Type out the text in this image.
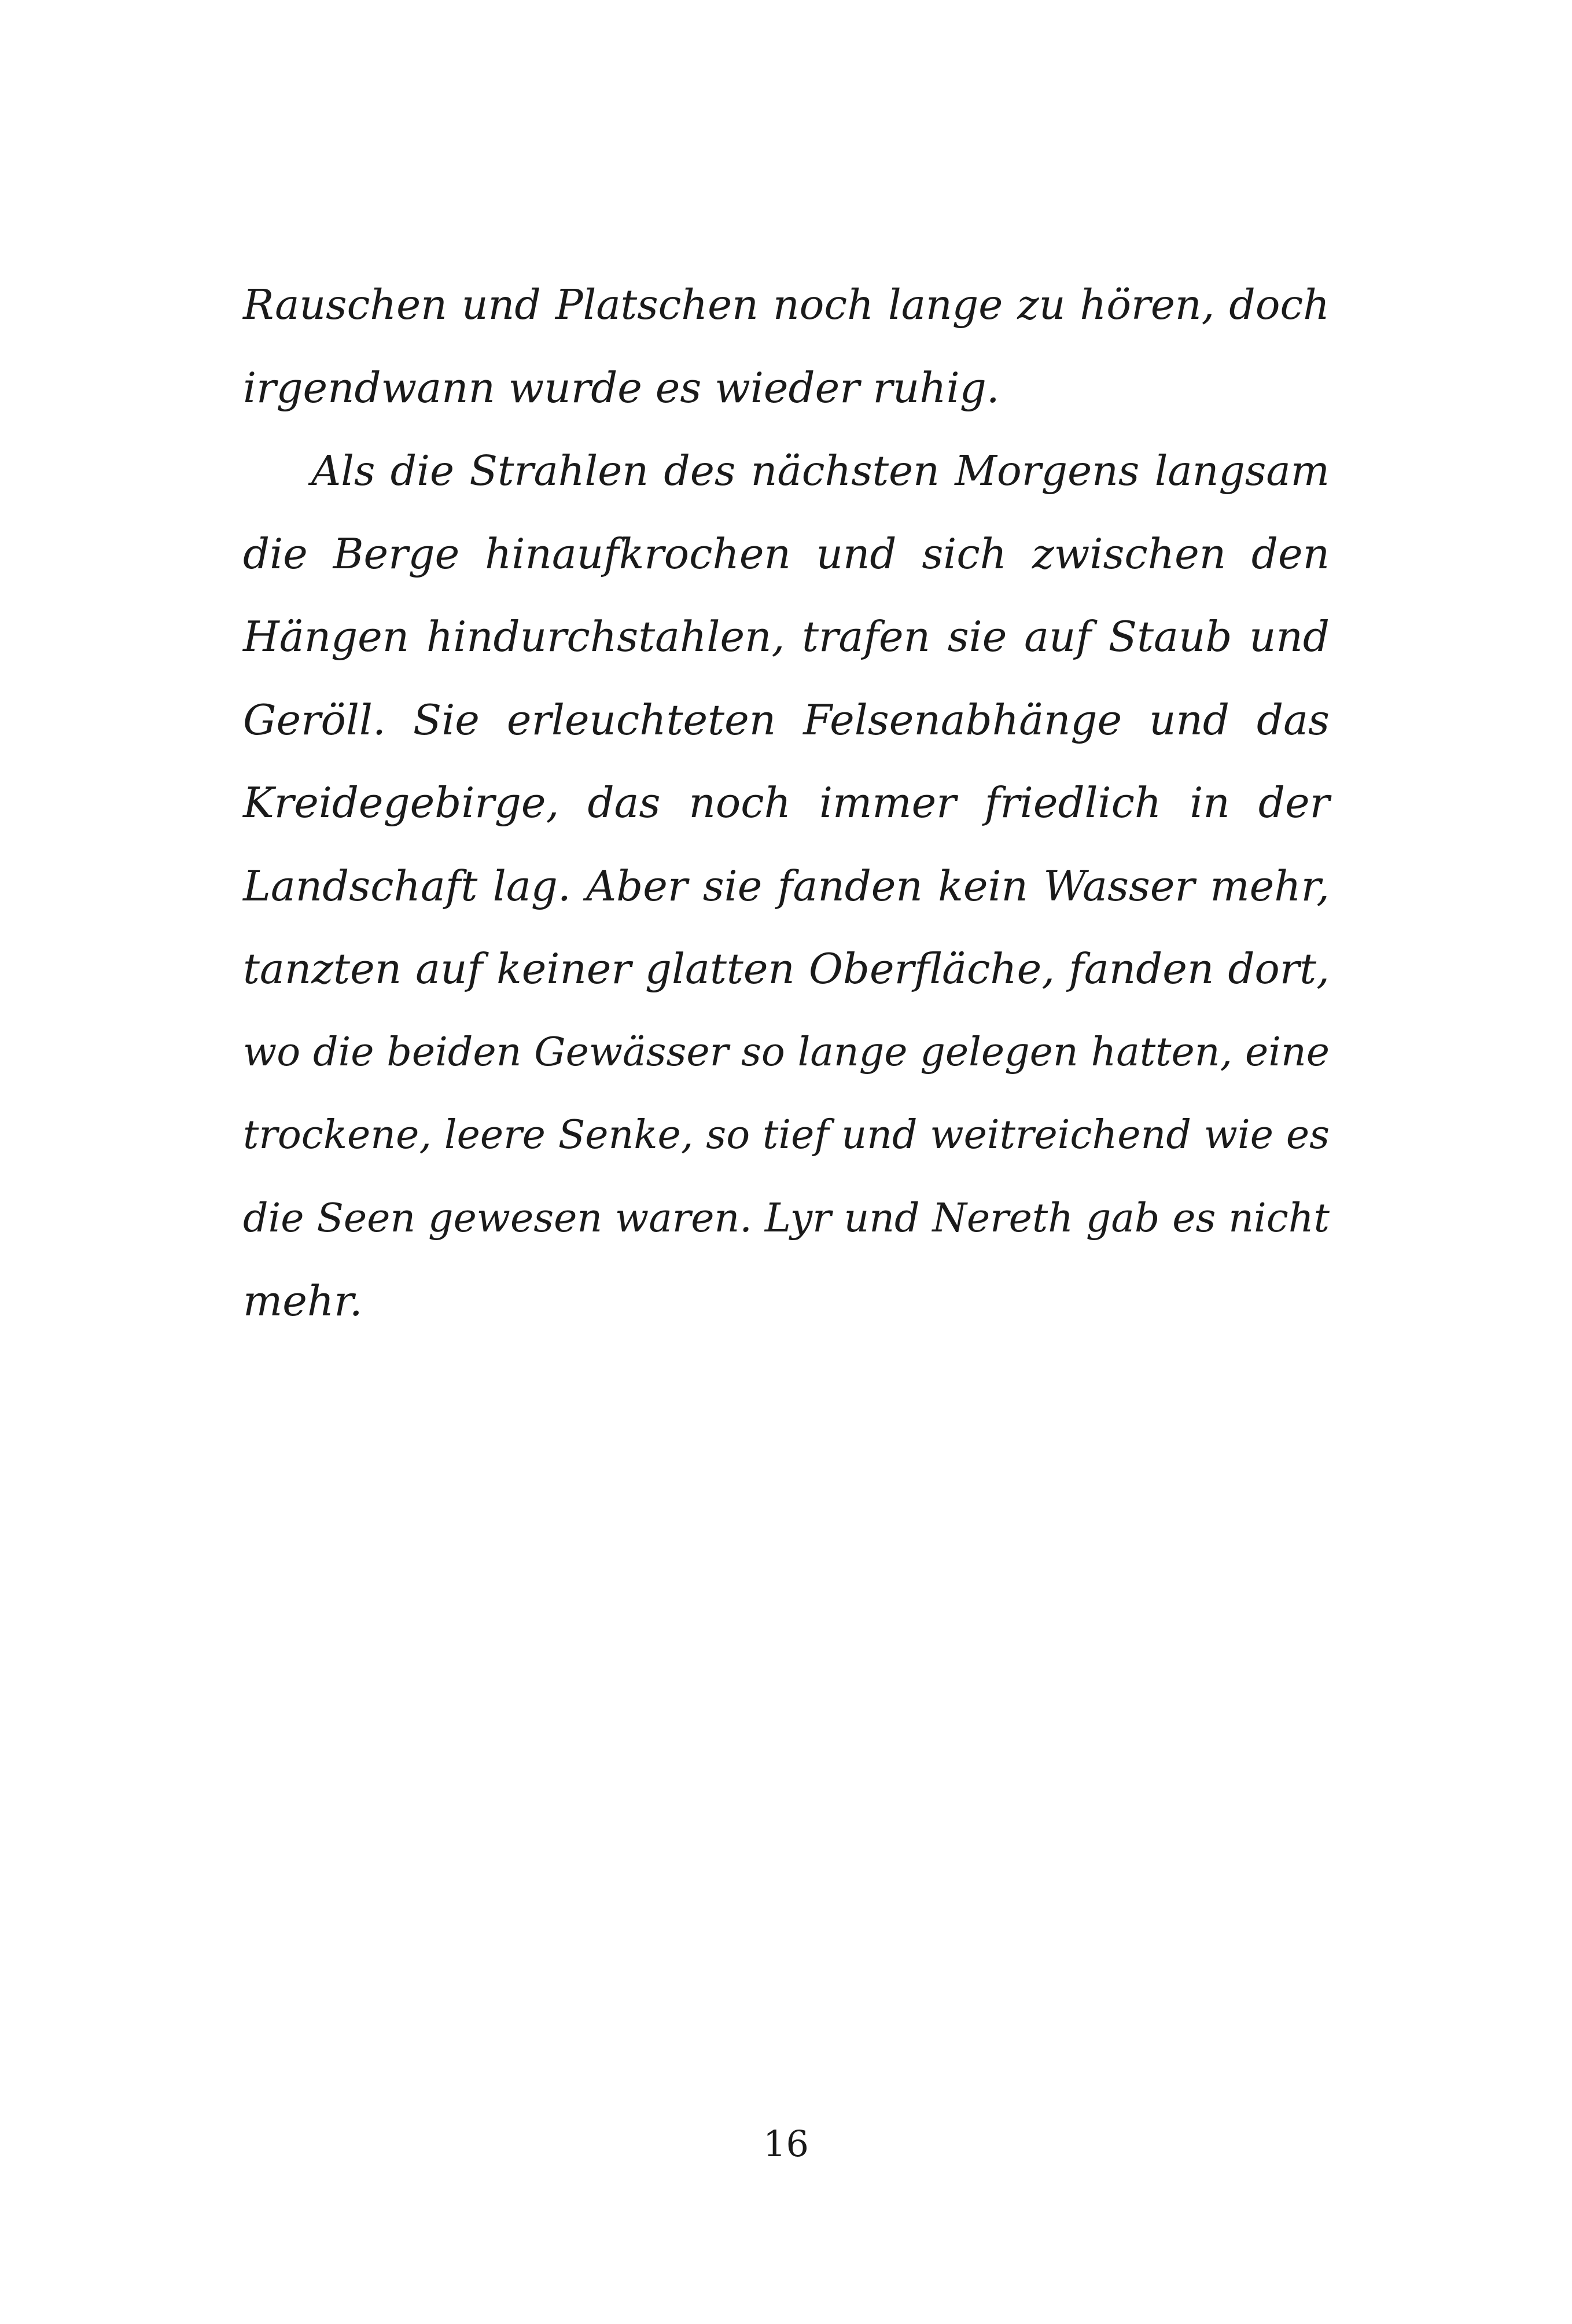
Rauschen und Platschen noch lange zu hören, doch
irgendwann wurde es wieder ruhig.
Als die Strahlen des nächsten Morgens langsam
die Berge hinaufkrochen und sich zwischen den
Hängen hindurchstahlen, trafen sie auf Staub und
Geröll. Sie erleuchteten Felsenabhänge und das
Kreidegebirge, das noch immer friedlich in der
Landschaft lag. Aber sie fanden kein Wasser mehr,
tanzten auf keiner glatten Oberfläche, fanden dort,
wo die beiden Gewässer so lange gelegen hatten, eine
trockene, leere Senke, so tief und weitreichend wie es
die Seen gewesen waren. Lyr und Nereth gab es nicht
mehr.
16
